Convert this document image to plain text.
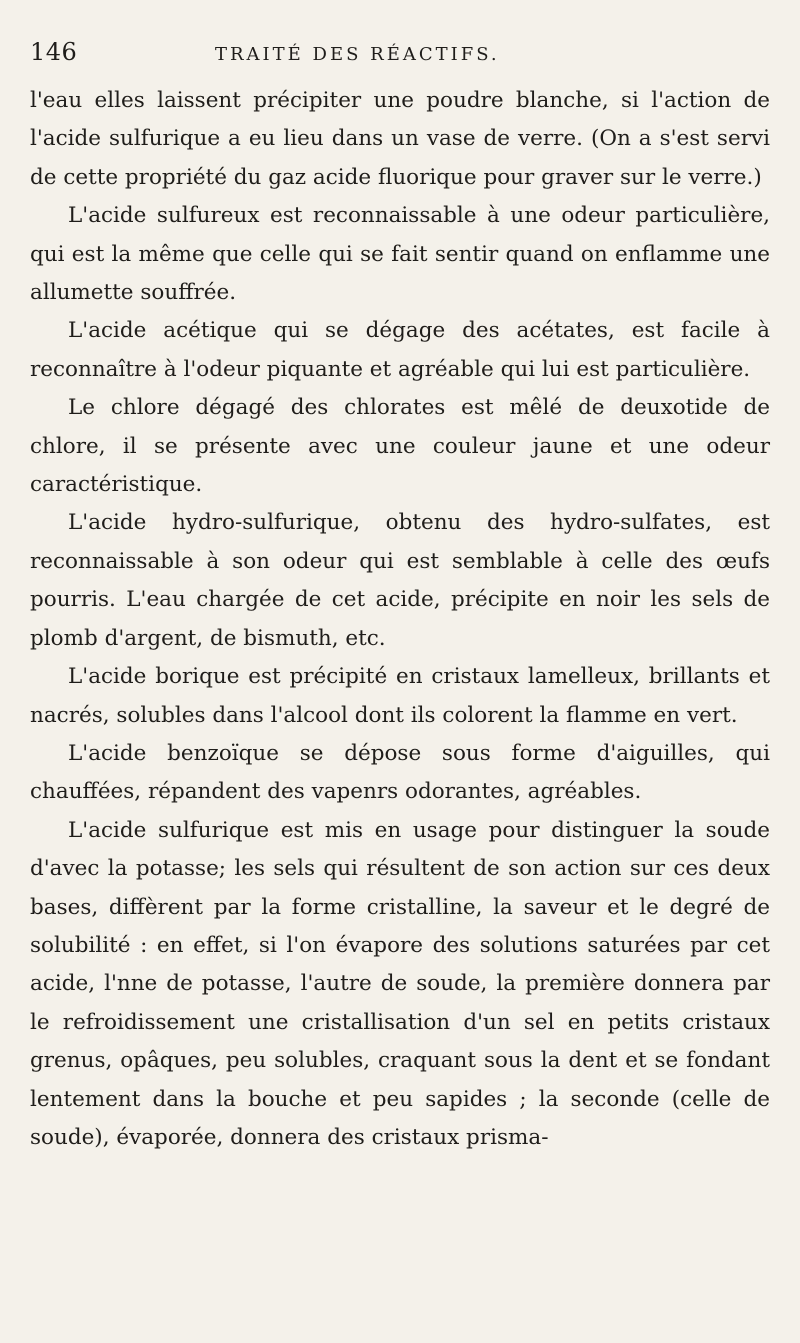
146	TRAITÉ DES RÉACTIFS.

l'eau elles laissent précipiter une poudre blanche, si l'action de l'acide sulfurique a eu lieu dans un vase de verre. (On a s'est servi de cette propriété du gaz acide fluorique pour graver sur le verre.)

L'acide sulfureux est reconnaissable à une odeur particulière, qui est la même que celle qui se fait sentir quand on enflamme une allumette souffrée.

L'acide acétique qui se dégage des acétates, est facile à reconnaître à l'odeur piquante et agréable qui lui est particulière.

Le chlore dégagé des chlorates est mêlé de deuxotide de chlore, il se présente avec une couleur jaune et une odeur caractéristique.

L'acide hydro-sulfurique, obtenu des hydro-sulfates, est reconnaissable à son odeur qui est semblable à celle des œufs pourris. L'eau chargée de cet acide, précipite en noir les sels de plomb d'argent, de bismuth, etc.

L'acide borique est précipité en cristaux lamelleux, brillants et nacrés, solubles dans l'alcool dont ils colorent la flamme en vert.

L'acide benzoïque se dépose sous forme d'aiguilles, qui chauffées, répandent des vapenrs odorantes, agréables.

L'acide sulfurique est mis en usage pour distinguer la soude d'avec la potasse; les sels qui résultent de son action sur ces deux bases, diffèrent par la forme cristalline, la saveur et le degré de solubilité : en effet, si l'on évapore des solutions saturées par cet acide, l'nne de potasse, l'autre de soude, la première donnera par le refroidissement une cristallisation d'un sel en petits cristaux grenus, opâques, peu solubles, craquant sous la dent et se fondant lentement dans la bouche et peu sapides ; la seconde (celle de soude), évaporée, donnera des cristaux prisma-
